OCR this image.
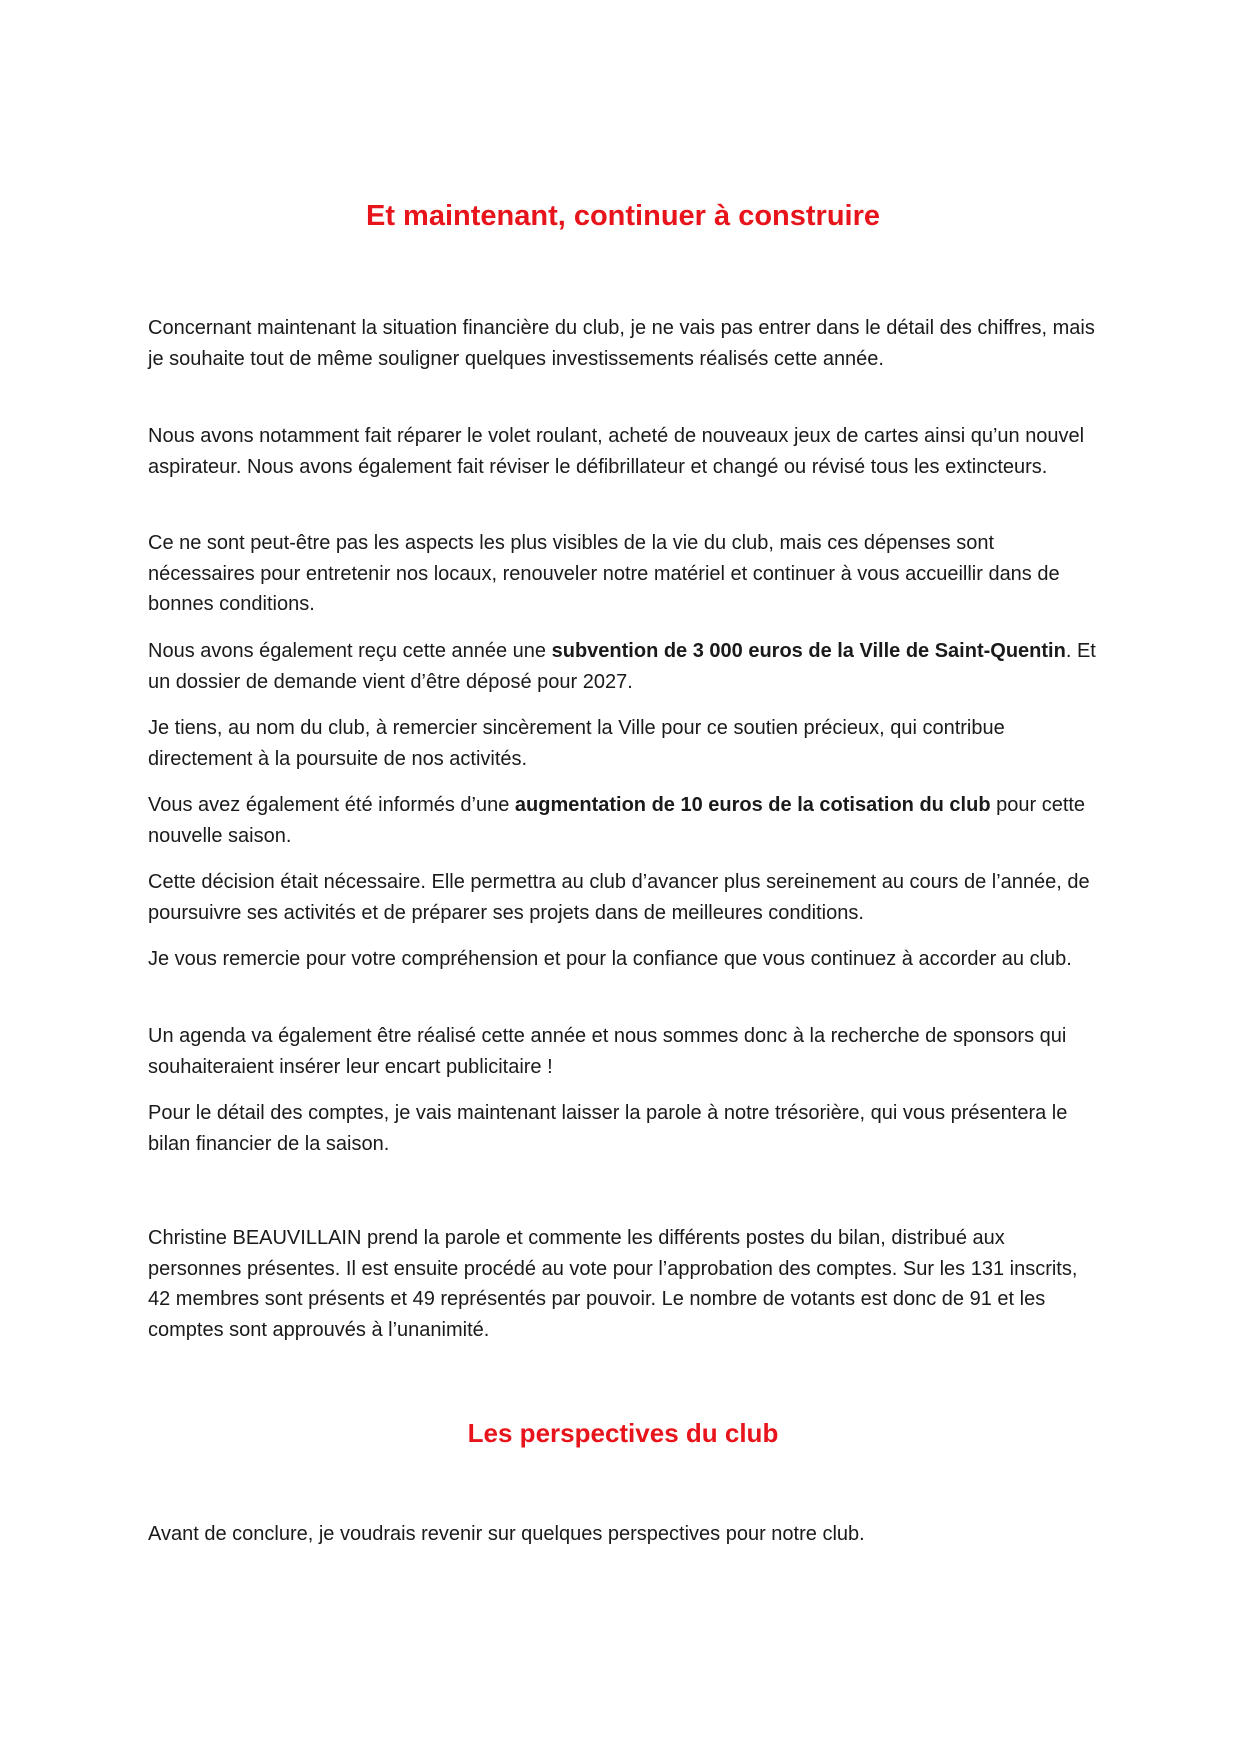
Et maintenant, continuer à construire

Concernant maintenant la situation financière du club, je ne vais pas entrer dans le détail des chiffres, mais je souhaite tout de même souligner quelques investissements réalisés cette année.

Nous avons notamment fait réparer le volet roulant, acheté de nouveaux jeux de cartes ainsi qu’un nouvel aspirateur. Nous avons également fait réviser le défibrillateur et changé ou révisé tous les extincteurs.

Ce ne sont peut-être pas les aspects les plus visibles de la vie du club, mais ces dépenses sont nécessaires pour entretenir nos locaux, renouveler notre matériel et continuer à vous accueillir dans de bonnes conditions.

Nous avons également reçu cette année une subvention de 3 000 euros de la Ville de Saint-Quentin. Et un dossier de demande vient d’être déposé pour 2027.

Je tiens, au nom du club, à remercier sincèrement la Ville pour ce soutien précieux, qui contribue directement à la poursuite de nos activités.

Vous avez également été informés d’une augmentation de 10 euros de la cotisation du club pour cette nouvelle saison.

Cette décision était nécessaire. Elle permettra au club d’avancer plus sereinement au cours de l’année, de poursuivre ses activités et de préparer ses projets dans de meilleures conditions.

Je vous remercie pour votre compréhension et pour la confiance que vous continuez à accorder au club.

Un agenda va également être réalisé cette année et nous sommes donc à la recherche de sponsors qui souhaiteraient insérer leur encart publicitaire !

Pour le détail des comptes, je vais maintenant laisser la parole à notre trésorière, qui vous présentera le bilan financier de la saison.

Christine BEAUVILLAIN prend la parole et commente les différents postes du bilan, distribué aux personnes présentes. Il est ensuite procédé au vote pour l’approbation des comptes. Sur les 131 inscrits, 42 membres sont présents et 49 représentés par pouvoir. Le nombre de votants est donc de 91 et les comptes sont approuvés à l’unanimité.

Les perspectives du club

Avant de conclure, je voudrais revenir sur quelques perspectives pour notre club.
